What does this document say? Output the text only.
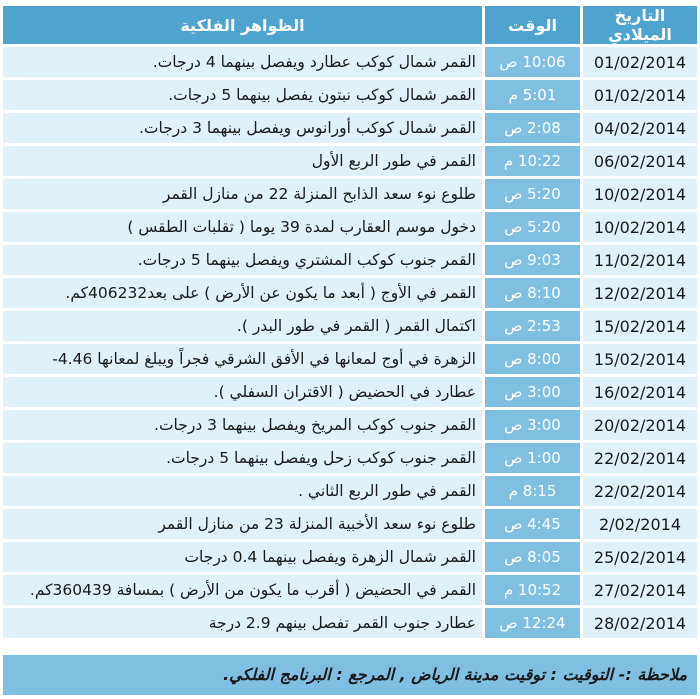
التاريخ الميلادي	الوقت	الظواهر الفلكية
01/02/2014	10:06 ص	القمر شمال كوكب عطارد ويفصل بينهما 4 درجات.
01/02/2014	5:01 م	القمر شمال كوكب نبتون يفصل بينهما 5 درجات.
04/02/2014	2:08 ص	القمر شمال كوكب أورانوس ويفصل بينهما 3 درجات.
06/02/2014	10:22 م	القمر في طور الربع الأول
10/02/2014	5:20 ص	طلوع نوء سعد الذابح المنزلة 22 من منازل القمر
10/02/2014	5:20 ص	دخول موسم العقارب لمدة 39 يوما ( تقلبات الطقس )
11/02/2014	9:03 ص	القمر جنوب كوكب المشتري ويفصل بينهما 5 درجات.
12/02/2014	8:10 ص	القمر في الأوج ( أبعد ما يكون عن الأرض ) على بعد406232كم.
15/02/2014	2:53 ص	اكتمال القمر ( القمر في طور البدر ).
15/02/2014	8:00 ص	الزهرة في أوج لمعانها في الأفق الشرقي فجراً ويبلغ لمعانها 4.46-
16/02/2014	3:00 ص	عطارد في الحضيض ( الاقتران السفلي ).
20/02/2014	3:00 ص	القمر جنوب كوكب المريخ ويفصل بينهما 3 درجات.
22/02/2014	1:00 ص	القمر جنوب كوكب زحل ويفصل بينهما 5 درجات.
22/02/2014	8:15 م	القمر في طور الربع الثاني .
2/02/2014	4:45 ص	طلوع نوء سعد الأخبية المنزلة 23 من منازل القمر
25/02/2014	8:05 ص	القمر شمال الزهرة ويفصل بينهما 0.4 درجات
27/02/2014	10:52 م	القمر في الحضيض ( أقرب ما يكون من الأرض ) بمسافة 360439كم.
28/02/2014	12:24 ص	عطارد جنوب القمر تفصل بينهم 2.9 درجة
ملاحظة :- التوقيت : توقيت مدينة الرياض , المرجع : البرنامج الفلكي.
